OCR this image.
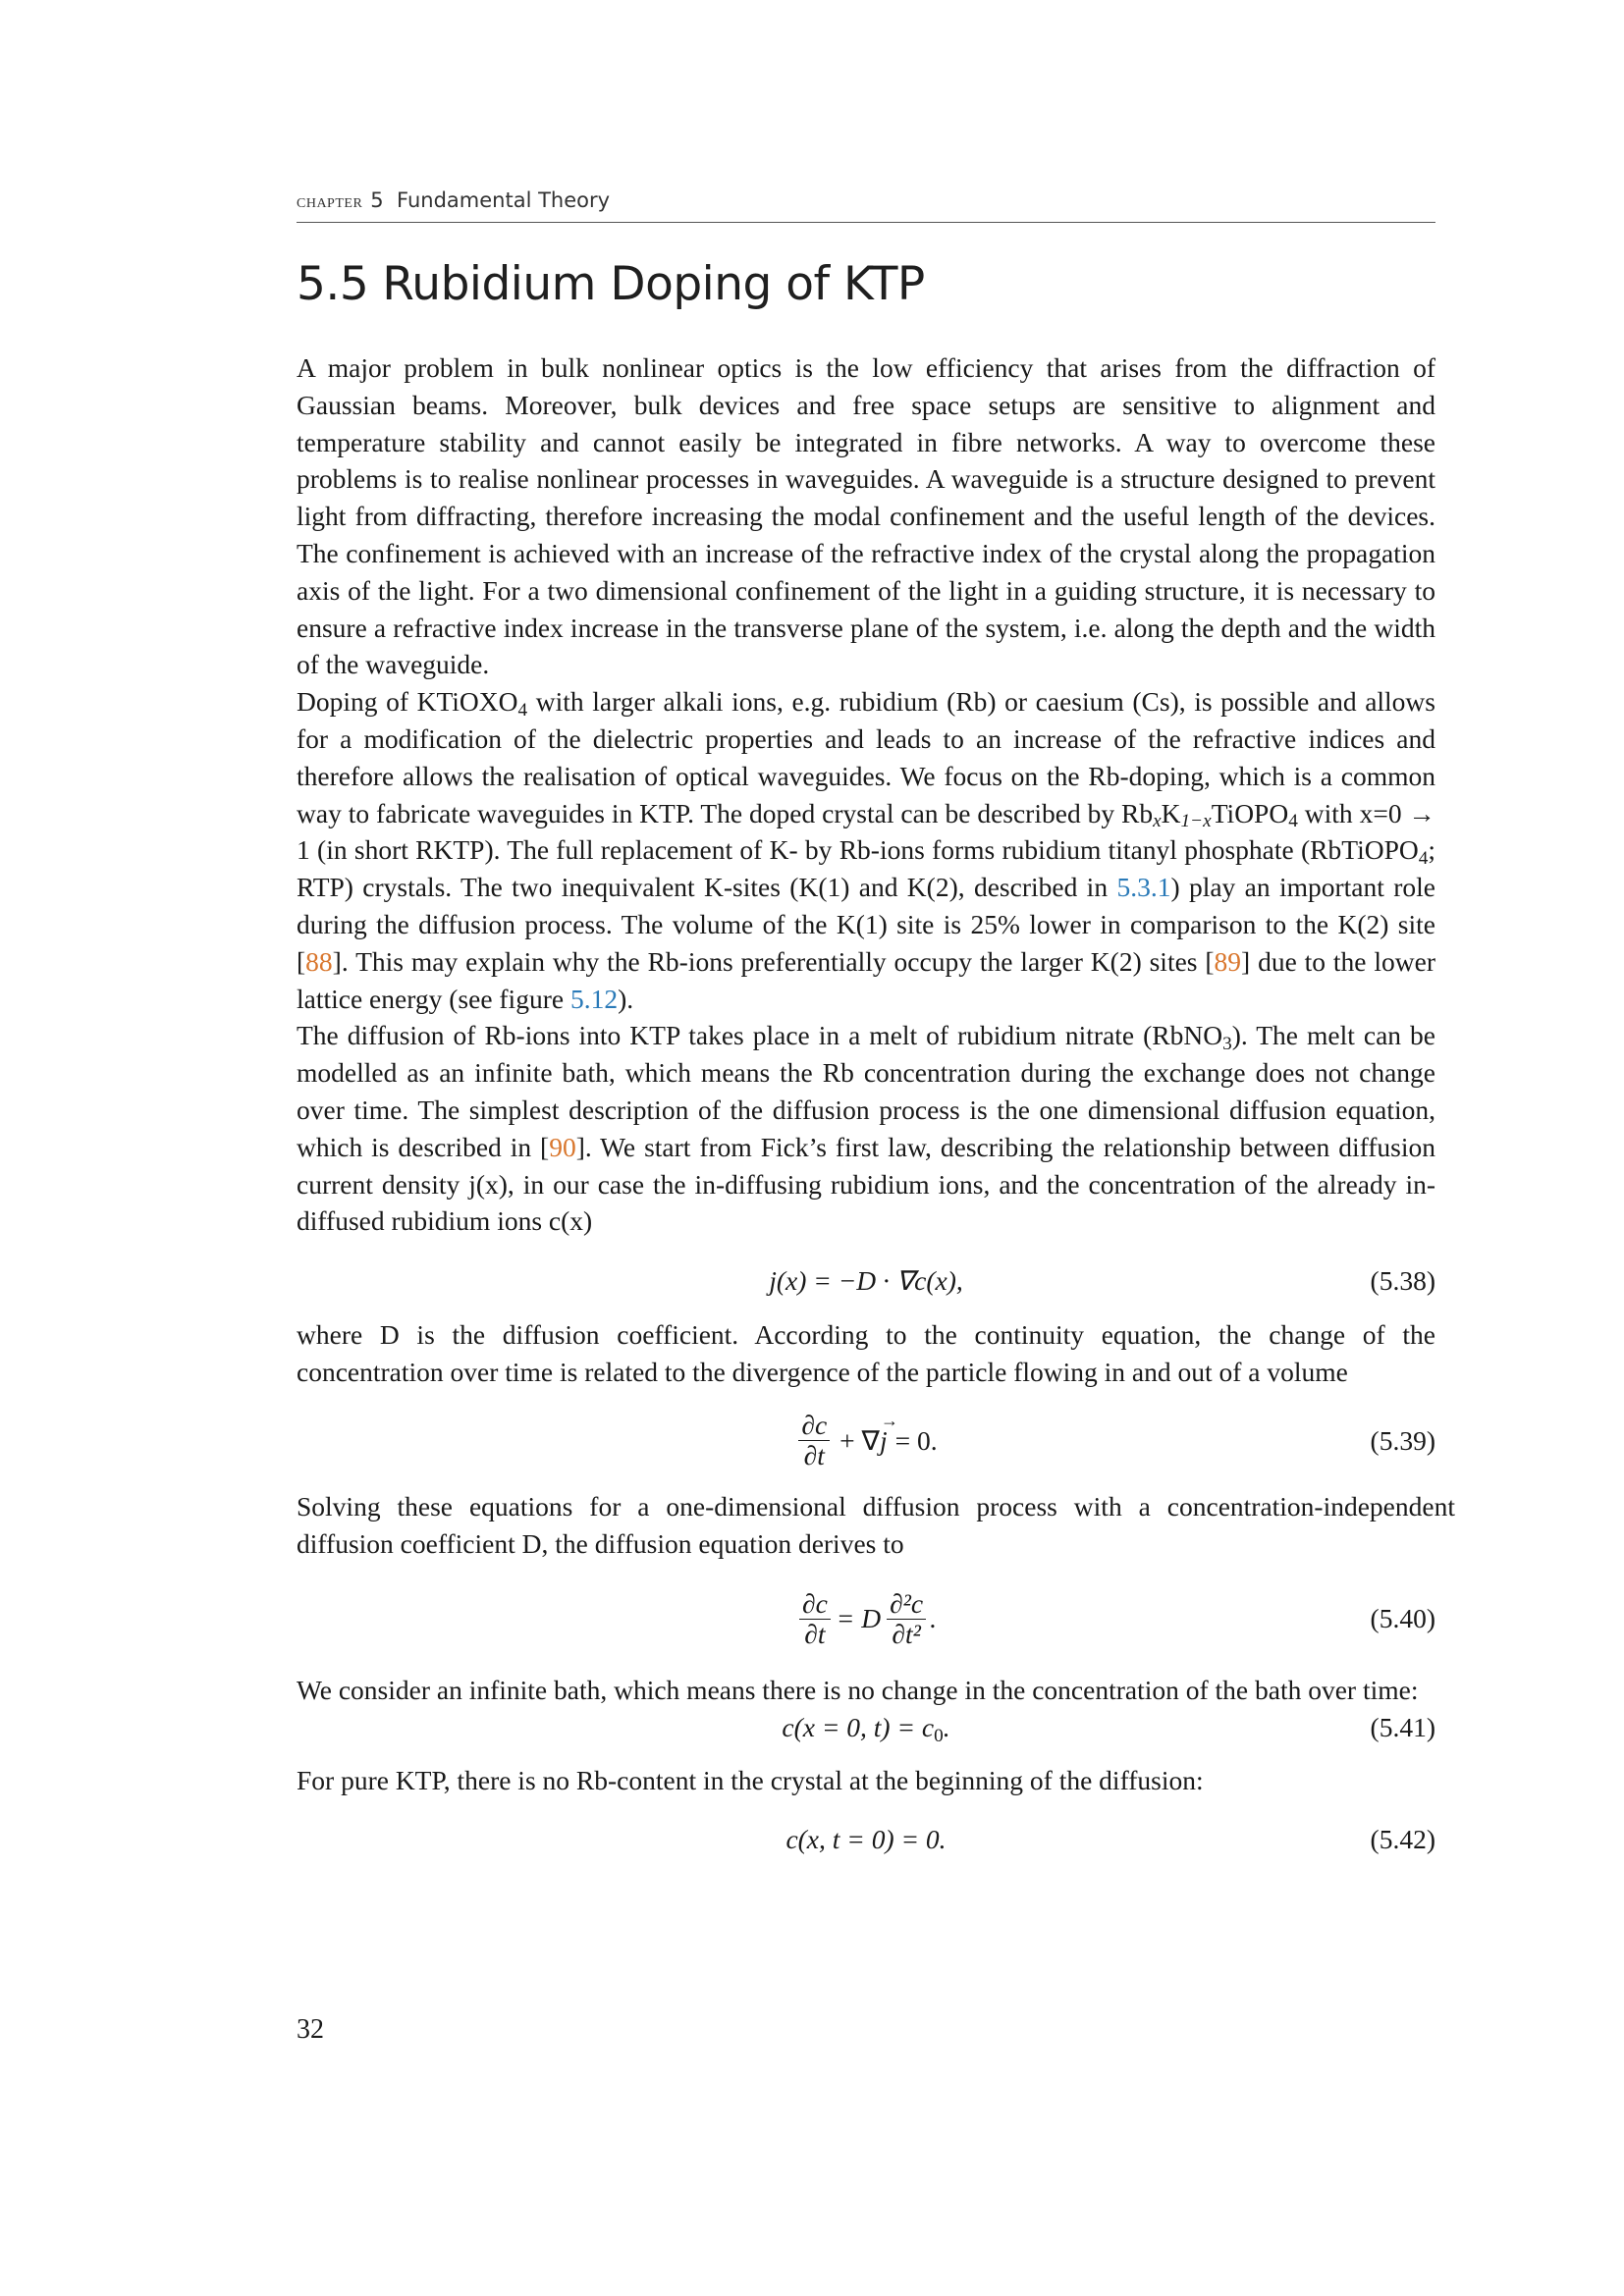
chapter 5 Fundamental Theory
5.5 Rubidium Doping of KTP

A major problem in bulk nonlinear optics is the low efficiency that arises from the diffraction of Gaussian beams. Moreover, bulk devices and free space setups are sensitive to alignment and temperature stability and cannot easily be integrated in fibre networks. A way to overcome these problems is to realise nonlinear processes in waveguides. A waveguide is a structure designed to prevent light from diffracting, therefore increasing the modal confinement and the useful length of the devices. The confinement is achieved with an increase of the refractive index of the crystal along the propagation axis of the light. For a two dimensional confinement of the light in a guiding structure, it is necessary to ensure a refractive index increase in the transverse plane of the system, i.e. along the depth and the width of the waveguide.

Doping of KTiOXO$_4$ with larger alkali ions, e.g. rubidium (Rb) or caesium (Cs), is possible and allows for a modification of the dielectric properties and leads to an increase of the refractive indices and therefore allows the realisation of optical waveguides. We focus on the Rb-doping, which is a common way to fabricate waveguides in KTP. The doped crystal can be described by $Rb_xK_{1-x}TiOPO_4$ with x=0 → 1 (in short RKTP). The full replacement of K- by Rb-ions forms rubidium titanyl phosphate (RbTiOPO$_4$; RTP) crystals. The two inequivalent K-sites (K(1) and K(2), described in 5.3.1) play an important role during the diffusion process. The volume of the K(1) site is 25% lower in comparison to the K(2) site [88]. This may explain why the Rb-ions preferentially occupy the larger K(2) sites [89] due to the lower lattice energy (see figure 5.12).

The diffusion of Rb-ions into KTP takes place in a melt of rubidium nitrate (RbNO$_3$). The melt can be modelled as an infinite bath, which means the Rb concentration during the exchange does not change over time. The simplest description of the diffusion process is the one dimensional diffusion equation, which is described in [90]. We start from Fick’s first law, describing the relationship between diffusion current density j(x), in our case the in-diffusing rubidium ions, and the concentration of the already in-diffused rubidium ions c(x)

j(x) = −D · ∇c(x),	(5.38)

where D is the diffusion coefficient. According to the continuity equation, the change of the concentration over time is related to the divergence of the particle flowing in and out of a volume

$\frac{\partial c}{\partial t}$ + ∇
→ j = 0.	(5.39)

Solving these equations for a one-dimensional diffusion process with a concentration-independent diffusion coefficient D, the diffusion equation derives to

$\frac{\partial c}{\partial t} = D \frac{\text{∂²c}}{\text{∂t²}}$ .	(5.40)

We consider an infinite bath, which means there is no change in the concentration of the bath over time:

c(x = 0, $t) = c_0$.	(5.41)

For pure KTP, there is no Rb-content in the crystal at the beginning of the diffusion:

c(x, t = 0) = 0.	(5.42)
32
